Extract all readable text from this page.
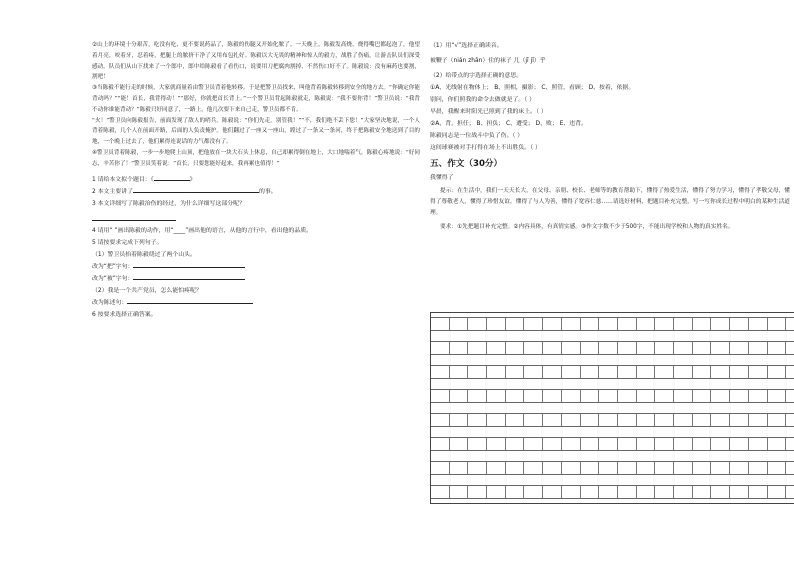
②山上的环境十分艰苦，吃没有吃，更不要说药品了，陈毅的伤腿又开始化脓了。一天晚上，陈毅发高烧，烧得嘴巴都起泡了，他望着月亮，咬着牙，忍着疼，把腿上的脓挤干净了又用布包扎好。陈毅以大无畏的精神和惊人的毅力，战胜了伤痛，让游击队员们深受感动。队员们从山下找来了一个郎中，郎中给陈毅看了看伤口，说要用刀把腐肉割掉，不然伤口好不了。陈毅说：没有麻药也要割，割吧！

③当陈毅不能行走的时候，大家就商量着由警卫员背着他转移。于是把警卫员找来，叫他背着陈毅转移到安全的地方去。“你确定你能背动吗？”“能！首长，我背得动！”“那好，你就把首长背上。”一个警卫员背起陈毅就走，陈毅说：“我不要你背！”警卫员说：“我背不动你谁能背动？”陈毅只好同意了，一路上，他几次要下来自己走，警卫员都不肯。

“火！”警卫员向陈毅报告，前面发现了敌人的哨兵。陈毅说：“你们先走，别管我！”“不，我们绝不丢下您！”大家坚决地说，一个人背着陈毅，几个人在前面开路，后面的人负责掩护。他们翻过了一座又一座山，蹚过了一条又一条河，终于把陈毅安全地送到了目的地，一个晚上过去了，他们累得连说话的力气都没有了。

④警卫员背着陈毅，一步一步地爬上山顶，把他放在一块大石头上休息，自己却累得倒在地上，大口地喘着气，陈毅心疼地说：“好同志，辛苦你了！”警卫员笑着说：“首长，只要您能好起来，我再累也值得！”

1 请给本文拟个题目：《	》

2 本文主要讲了	的事。

3 本文详细写了陈毅治伤的经过，为什么详细写这部分呢？

4 请用“ ”画出陈毅的动作，用“____”画出他的语言，从他的言行中，看出他的品质。

5 请按要求完成下列句子。

（1）警卫员抬着陈毅绕过了两个山头。

改为“把”字句：

改为“被”字句：

（2）我是一个共产党员，怎么能怕疼呢？

改为陈述句：

6 按要求选择正确答案。

（1）用“√”选择正确读音。

被鞭子（nián zhān）住的袜子 几（jī jǐ）乎

（2）给带点的字选择正确的意思。

①A、光线射在物体上； B、照相，摄影； C、照管，看顾； D、按着，依据。

别问，你们照我的命令去做就是了。（ ）

早晨，我醒来时阳光已照到了我的床上。（ ）

②A、背，担任； B、担负； C、遭受； D、败； E、违背。

陈毅同志是一位战斗中负了伤。（ ）

这间球赛被对手打得在场上不出胜负。（ ）

五、作文（30分）

我懂得了

提示：在生活中，我们一天天长大，在父母、亲朋、校长、老师等的教育帮助下，懂得了热爱生活，懂得了努力学习，懂得了孝敬父母，懂得了尊敬老人，懂得了珍惜友谊，懂得了与人为善，懂得了宽容仁慈……请选好材料，把题目补充完整，写一写你成长过程中明白的某种生活道理。

要求：①先把题目补充完整。②内容具体，有真情实感。③作文字数不少于500字，不能出现学校和人物的真实姓名。
